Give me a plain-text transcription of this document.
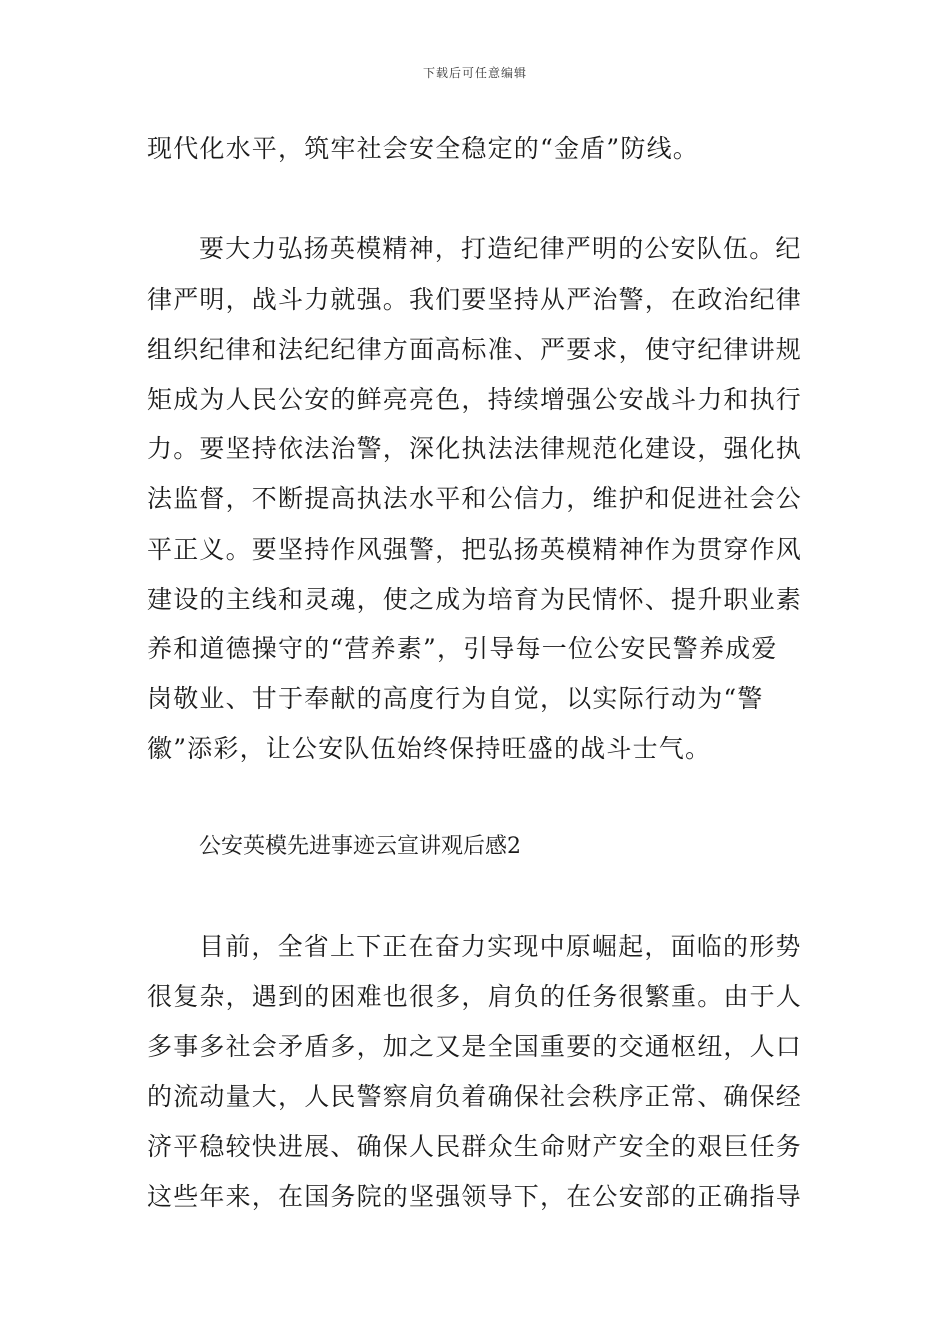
下载后可任意编辑
现代化水平，筑牢社会安全稳定的“金盾”防线。
要大力弘扬英模精神，打造纪律严明的公安队伍。纪
律严明，战斗力就强。我们要坚持从严治警，在政治纪律
组织纪律和法纪纪律方面高标准、严要求，使守纪律讲规
矩成为人民公安的鲜亮亮色，持续增强公安战斗力和执行
力。要坚持依法治警，深化执法法律规范化建设，强化执
法监督，不断提高执法水平和公信力，维护和促进社会公
平正义。要坚持作风强警，把弘扬英模精神作为贯穿作风
建设的主线和灵魂，使之成为培育为民情怀、提升职业素
养和道德操守的“营养素”，引导每一位公安民警养成爱
岗敬业、甘于奉献的高度行为自觉，以实际行动为“警
徽”添彩，让公安队伍始终保持旺盛的战斗士气。
公安英模先进事迹云宣讲观后感2
目前，全省上下正在奋力实现中原崛起，面临的形势
很复杂，遇到的困难也很多，肩负的任务很繁重。由于人
多事多社会矛盾多，加之又是全国重要的交通枢纽，人口
的流动量大，人民警察肩负着确保社会秩序正常、确保经
济平稳较快进展、确保人民群众生命财产安全的艰巨任务
这些年来，在国务院的坚强领导下，在公安部的正确指导
